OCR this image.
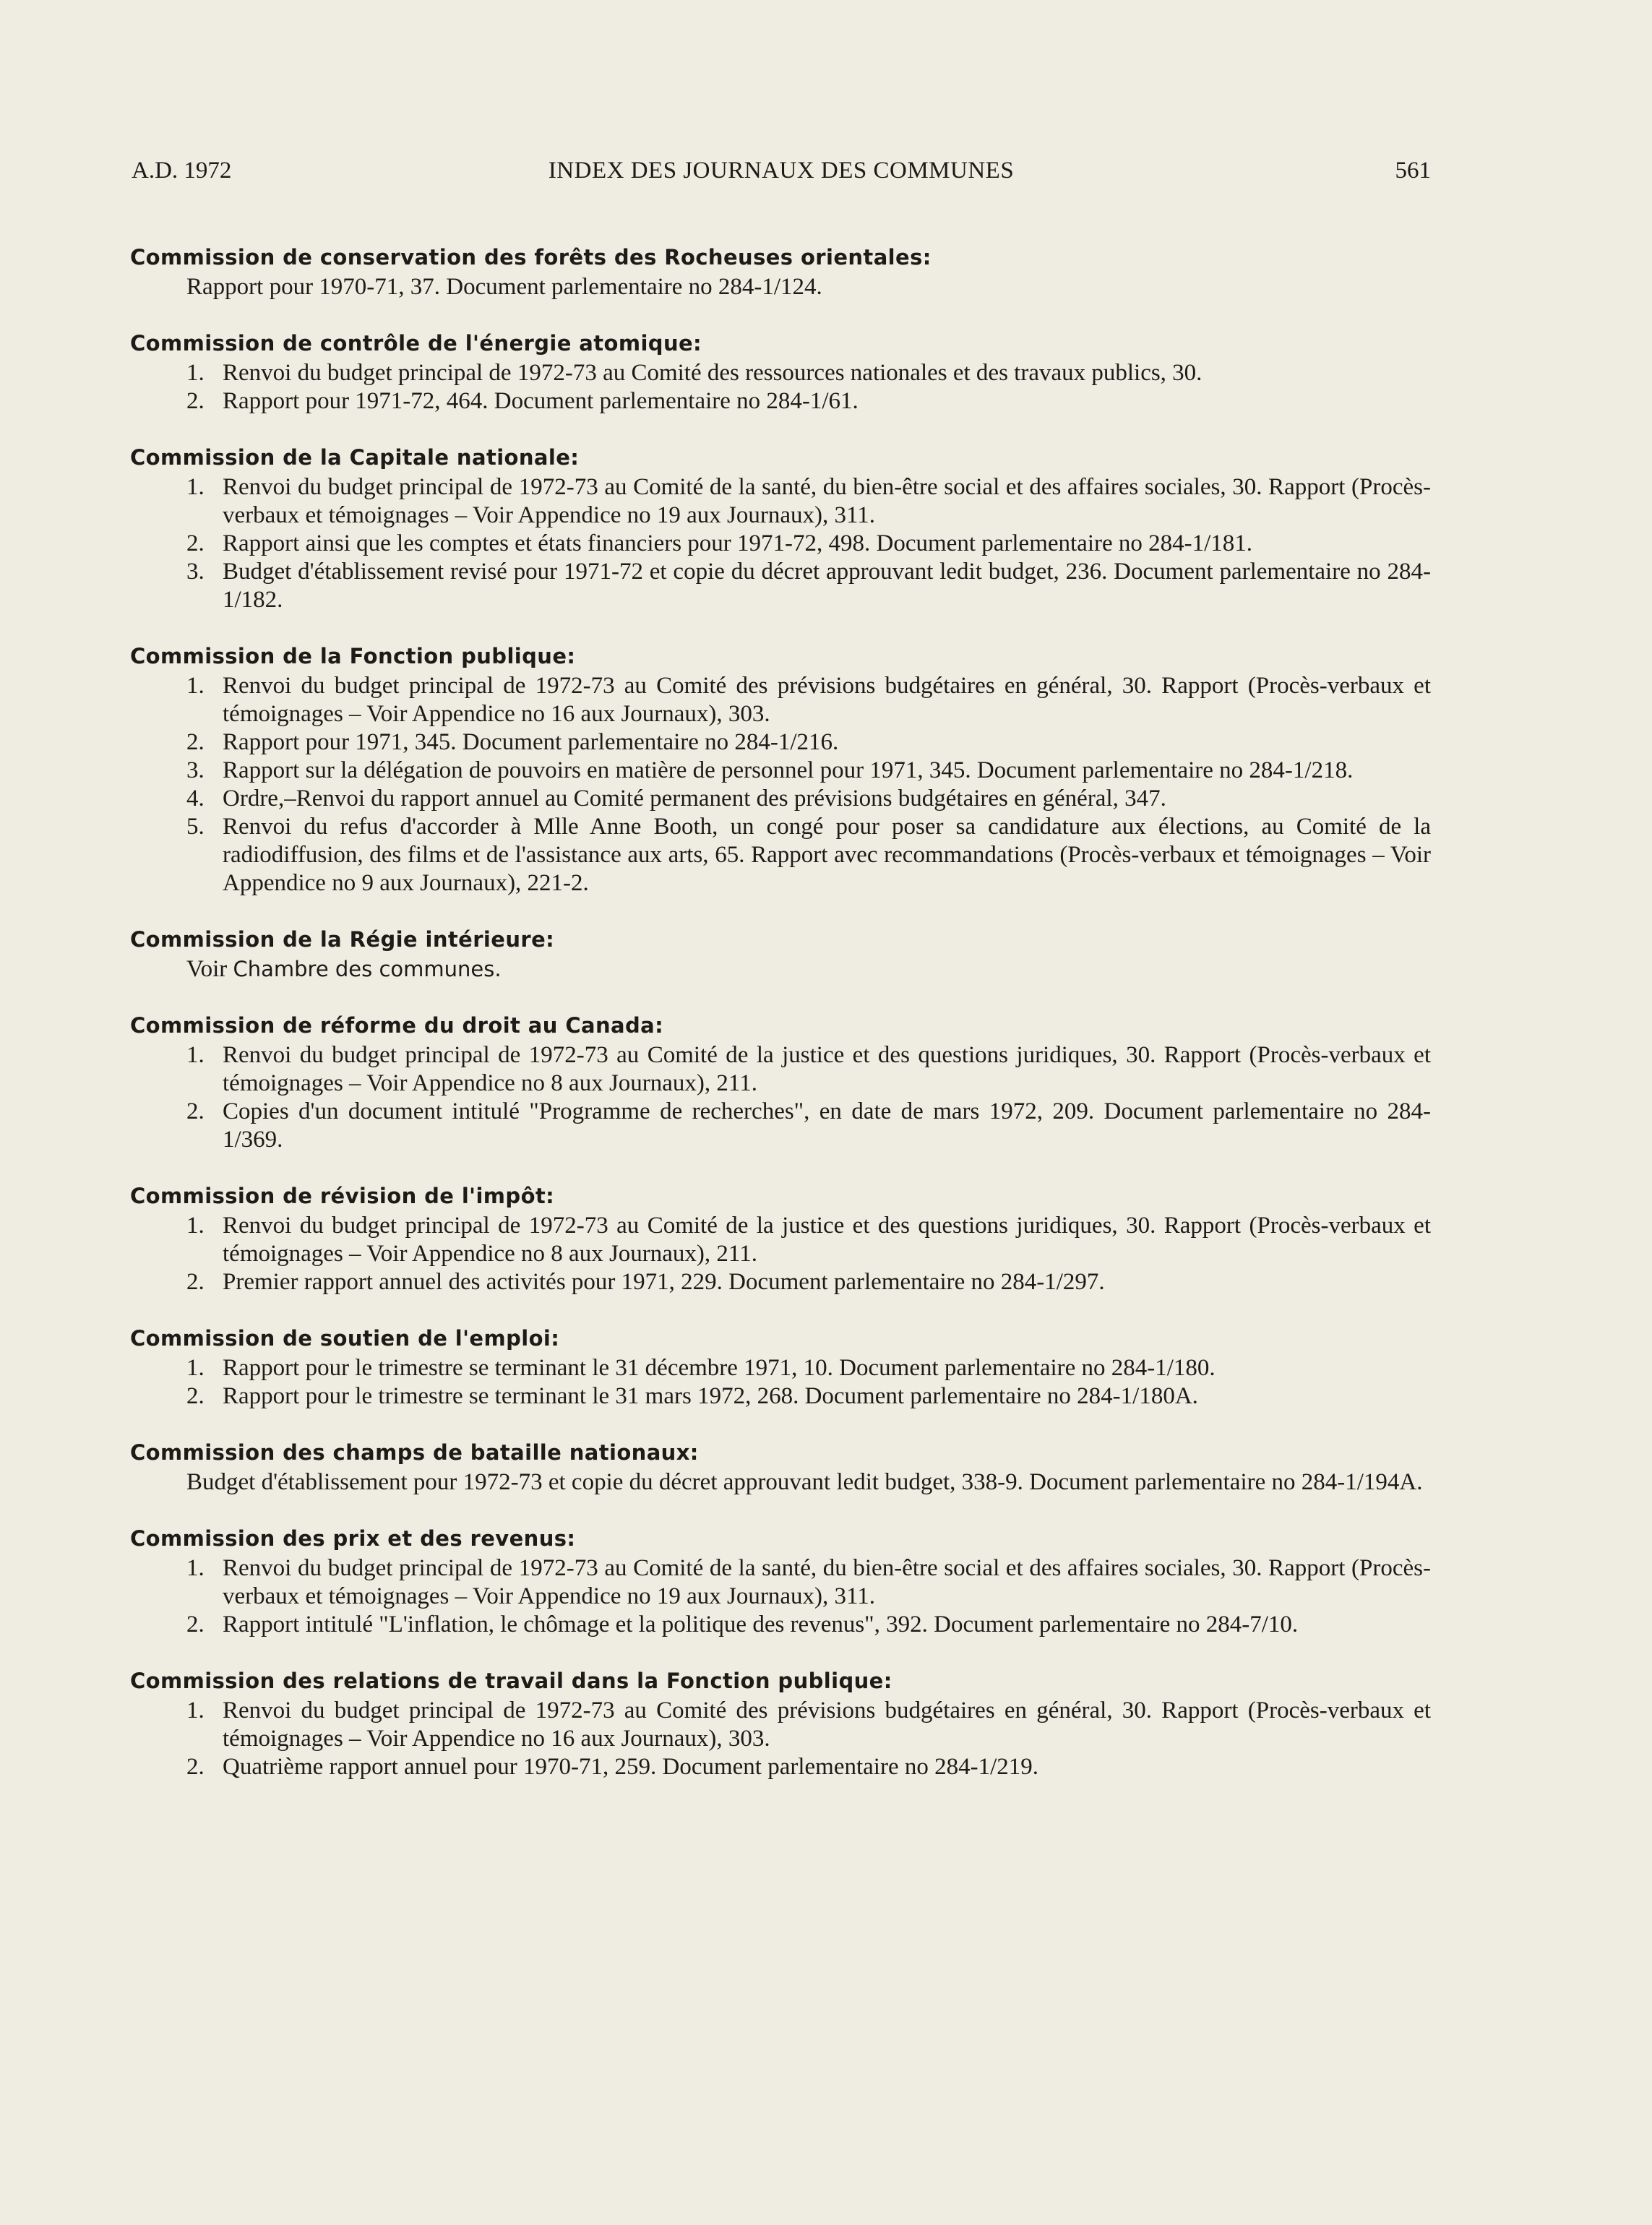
A.D. 1972	INDEX DES JOURNAUX DES COMMUNES	561
Commission de conservation des forêts des Rocheuses orientales:
Rapport pour 1970-71, 37. Document parlementaire no 284-1/124.
Commission de contrôle de l'énergie atomique:
1. Renvoi du budget principal de 1972-73 au Comité des ressources nationales et des travaux publics, 30.
2. Rapport pour 1971-72, 464. Document parlementaire no 284-1/61.
Commission de la Capitale nationale:
1. Renvoi du budget principal de 1972-73 au Comité de la santé, du bien-être social et des affaires sociales, 30. Rapport (Procès-verbaux et témoignages – Voir Appendice no 19 aux Journaux), 311.
2. Rapport ainsi que les comptes et états financiers pour 1971-72, 498. Document parlementaire no 284-1/181.
3. Budget d'établissement revisé pour 1971-72 et copie du décret approuvant ledit budget, 236. Document parlementaire no 284-1/182.
Commission de la Fonction publique:
1. Renvoi du budget principal de 1972-73 au Comité des prévisions budgétaires en général, 30. Rapport (Procès-verbaux et témoignages – Voir Appendice no 16 aux Journaux), 303.
2. Rapport pour 1971, 345. Document parlementaire no 284-1/216.
3. Rapport sur la délégation de pouvoirs en matière de personnel pour 1971, 345. Document parlementaire no 284-1/218.
4. Ordre,–Renvoi du rapport annuel au Comité permanent des prévisions budgétaires en général, 347.
5. Renvoi du refus d'accorder à Mlle Anne Booth, un congé pour poser sa candidature aux élections, au Comité de la radiodiffusion, des films et de l'assistance aux arts, 65. Rapport avec recommandations (Procès-verbaux et témoignages – Voir Appendice no 9 aux Journaux), 221-2.
Commission de la Régie intérieure:
Voir Chambre des communes.
Commission de réforme du droit au Canada:
1. Renvoi du budget principal de 1972-73 au Comité de la justice et des questions juridiques, 30. Rapport (Procès-verbaux et témoignages – Voir Appendice no 8 aux Journaux), 211.
2. Copies d'un document intitulé "Programme de recherches", en date de mars 1972, 209. Document parlementaire no 284-1/369.
Commission de révision de l'impôt:
1. Renvoi du budget principal de 1972-73 au Comité de la justice et des questions juridiques, 30. Rapport (Procès-verbaux et témoignages – Voir Appendice no 8 aux Journaux), 211.
2. Premier rapport annuel des activités pour 1971, 229. Document parlementaire no 284-1/297.
Commission de soutien de l'emploi:
1. Rapport pour le trimestre se terminant le 31 décembre 1971, 10. Document parlementaire no 284-1/180.
2. Rapport pour le trimestre se terminant le 31 mars 1972, 268. Document parlementaire no 284-1/180A.
Commission des champs de bataille nationaux:
Budget d'établissement pour 1972-73 et copie du décret approuvant ledit budget, 338-9. Document parlementaire no 284-1/194A.
Commission des prix et des revenus:
1. Renvoi du budget principal de 1972-73 au Comité de la santé, du bien-être social et des affaires sociales, 30. Rapport (Procès-verbaux et témoignages – Voir Appendice no 19 aux Journaux), 311.
2. Rapport intitulé "L'inflation, le chômage et la politique des revenus", 392. Document parlementaire no 284-7/10.
Commission des relations de travail dans la Fonction publique:
1. Renvoi du budget principal de 1972-73 au Comité des prévisions budgétaires en général, 30. Rapport (Procès-verbaux et témoignages – Voir Appendice no 16 aux Journaux), 303.
2. Quatrième rapport annuel pour 1970-71, 259. Document parlementaire no 284-1/219.
